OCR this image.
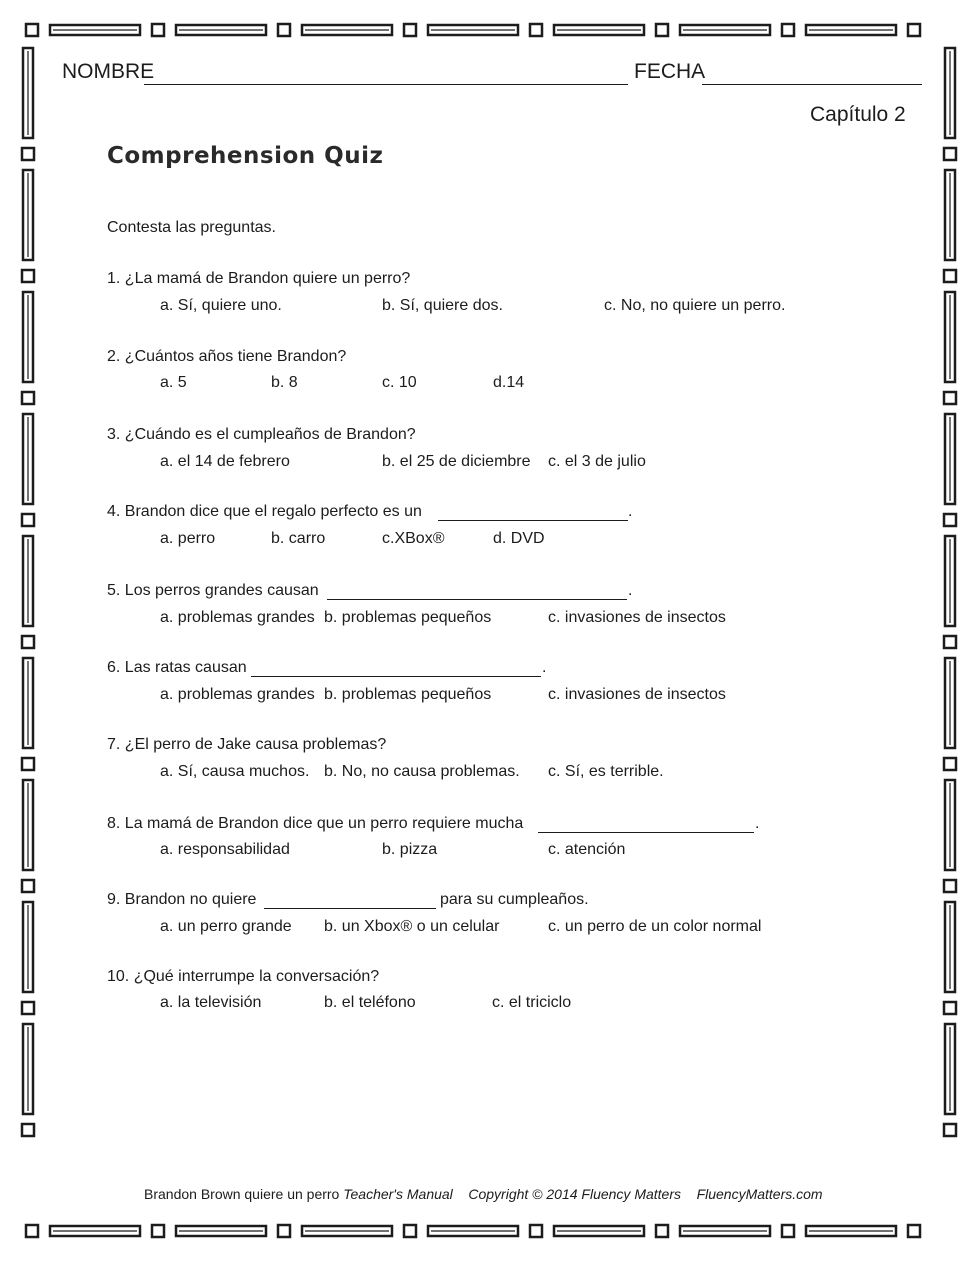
NOMBRE	FECHA
Capítulo 2
Comprehension Quiz
Contesta las preguntas.
1. ¿La mamá de Brandon quiere un perro?
a. Sí, quiere uno.	b. Sí, quiere dos.	c. No, no quiere un perro.
2. ¿Cuántos años tiene Brandon?
a. 5	b. 8	c. 10	d.14
3. ¿Cuándo es el cumpleaños de Brandon?
a. el 14 de febrero	b. el 25 de diciembre c. el 3 de julio
4. Brandon dice que el regalo perfecto es un	.
a. perro	b. carro	c.XBox®	d. DVD
5. Los perros grandes causan	.
a. problemas grandes b. problemas pequeños	c. invasiones de insectos
6. Las ratas causan	.
a. problemas grandes b. problemas pequeños	c. invasiones de insectos
7. ¿El perro de Jake causa problemas?
a. Sí, causa muchos. b. No, no causa problemas. c. Sí, es terrible.
8. La mamá de Brandon dice que un perro requiere mucha	.
a. responsabilidad	b. pizza	c. atención
9. Brandon no quiere	para su cumpleaños.
a. un perro grande b. un Xbox® o un celular	c. un perro de un color normal
10. ¿Qué interrumpe la conversación?
a. la televisión	b. el teléfono	c. el triciclo
Brandon Brown quiere un perro Teacher's Manual Copyright © 2014 Fluency Matters FluencyMatters.com
